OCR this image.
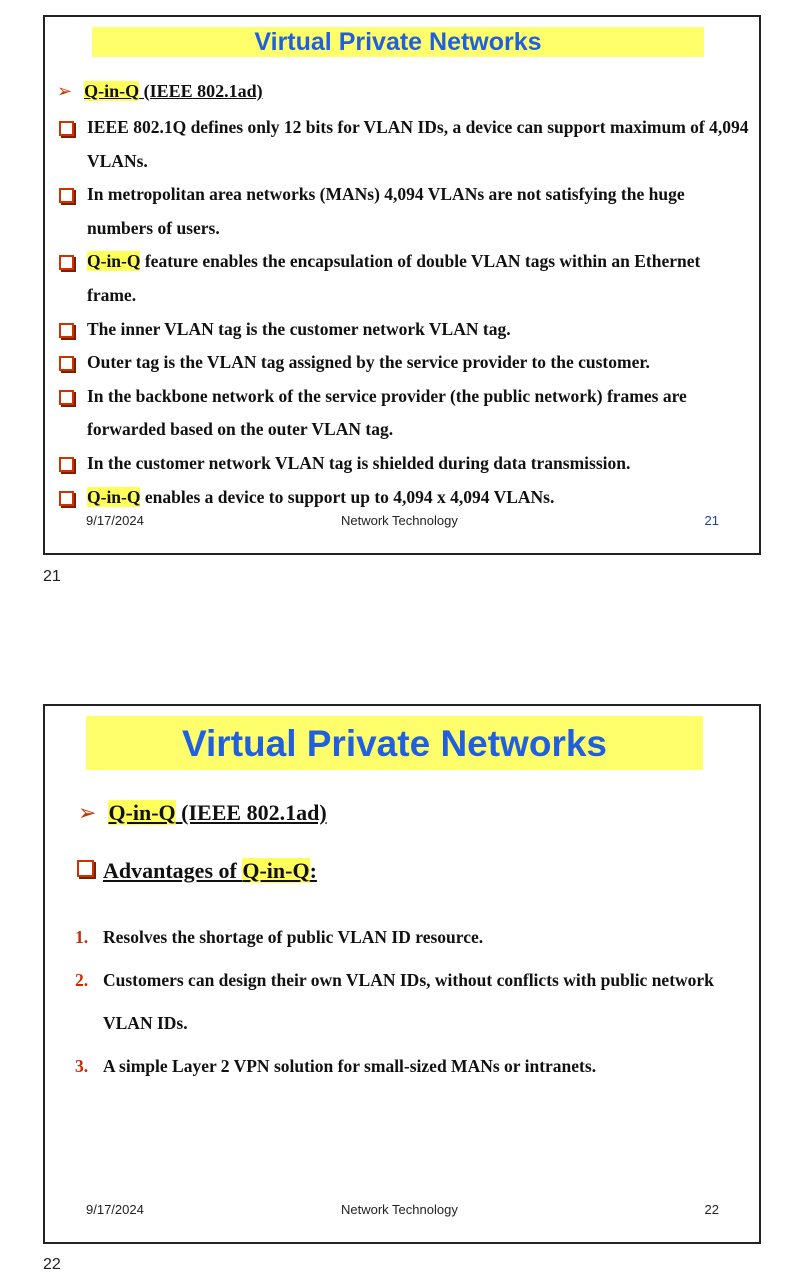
Virtual Private Networks
➢ Q-in-Q (IEEE 802.1ad)
IEEE 802.1Q defines only 12 bits for VLAN IDs, a device can support maximum of 4,094 VLANs.
In metropolitan area networks (MANs) 4,094 VLANs are not satisfying the huge numbers of users.
Q-in-Q feature enables the encapsulation of double VLAN tags within an Ethernet frame.
The inner VLAN tag is the customer network VLAN tag.
Outer tag is the VLAN tag assigned by the service provider to the customer.
In the backbone network of the service provider (the public network) frames are forwarded based on the outer VLAN tag.
In the customer network VLAN tag is shielded during data transmission.
Q-in-Q enables a device to support up to 4,094 x 4,094 VLANs.
9/17/2024	Network Technology	21
21
Virtual Private Networks
➢ Q-in-Q (IEEE 802.1ad)
Advantages of Q-in-Q:
1. Resolves the shortage of public VLAN ID resource.
2. Customers can design their own VLAN IDs, without conflicts with public network VLAN IDs.
3. A simple Layer 2 VPN solution for small-sized MANs or intranets.
9/17/2024	Network Technology	22
22
